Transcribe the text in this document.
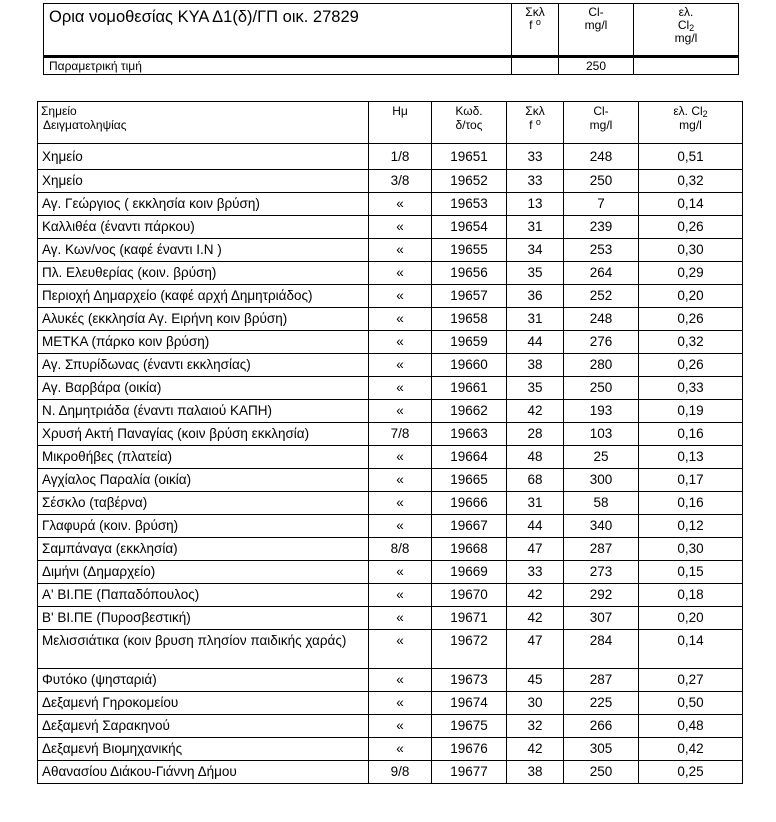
Ορια νομοθεσίας ΚΥΑ Δ1(δ)/ΓΠ οικ. 27829	Σκλ
f $^o$	Cl-
mg/l	ελ.
$Cl_2$
mg/l
Παραμετρική τιμή		250	
Σημείο
Δειγματοληψίας	Ημ	Κωδ.
δ/τος	Σκλ
f $^o$	Cl-
mg/l	ελ. $Cl_2$
mg/l
Χημείο	1/8	19651	33	248	0,51
Χημείο	3/8	19652	33	250	0,32
Αγ. Γεώργιος ( εκκλησία κοιν βρύση)	«	19653	13	7	0,14
Καλλιθέα (έναντι πάρκου)	«	19654	31	239	0,26
Αγ. Κων/νος (καφέ έναντι Ι.Ν )	«	19655	34	253	0,30
Πλ. Ελευθερίας (κοιν. βρύση)	«	19656	35	264	0,29
Περιοχή Δημαρχείο (καφέ αρχή Δημητριάδος)	«	19657	36	252	0,20
Αλυκές (εκκλησία Αγ. Ειρήνη κοιν βρύση)	«	19658	31	248	0,26
ΜΕΤΚΑ (πάρκο κοιν βρύση)	«	19659	44	276	0,32
Αγ. Σπυρίδωνας (έναντι εκκλησίας)	«	19660	38	280	0,26
Αγ. Βαρβάρα (οικία)	«	19661	35	250	0,33
Ν. Δημητριάδα (έναντι παλαιού ΚΑΠΗ)	«	19662	42	193	0,19
Χρυσή Ακτή Παναγίας (κοιν βρύση εκκλησία)	7/8	19663	28	103	0,16
Μικροθήβες (πλατεία)	«	19664	48	25	0,13
Αγχίαλος Παραλία (οικία)	«	19665	68	300	0,17
Σέσκλο (ταβέρνα)	«	19666	31	58	0,16
Γλαφυρά (κοιν. βρύση)	«	19667	44	340	0,12
Σαμπάναγα (εκκλησία)	8/8	19668	47	287	0,30
Διμήνι (Δημαρχείο)	«	19669	33	273	0,15
Α' ΒΙ.ΠΕ (Παπαδόπουλος)	«	19670	42	292	0,18
Β' ΒΙ.ΠΕ (Πυροσβεστική)	«	19671	42	307	0,20
Μελισσιάτικα (κοιν βρυση πλησίον παιδικής χαράς)	«	19672	47	284	0,14
Φυτόκο (ψησταριά)	«	19673	45	287	0,27
Δεξαμενή Γηροκομείου	«	19674	30	225	0,50
Δεξαμενή Σαρακηνού	«	19675	32	266	0,48
Δεξαμενή Βιομηχανικής	«	19676	42	305	0,42
Αθανασίου Διάκου-Γιάννη Δήμου	9/8	19677	38	250	0,25
